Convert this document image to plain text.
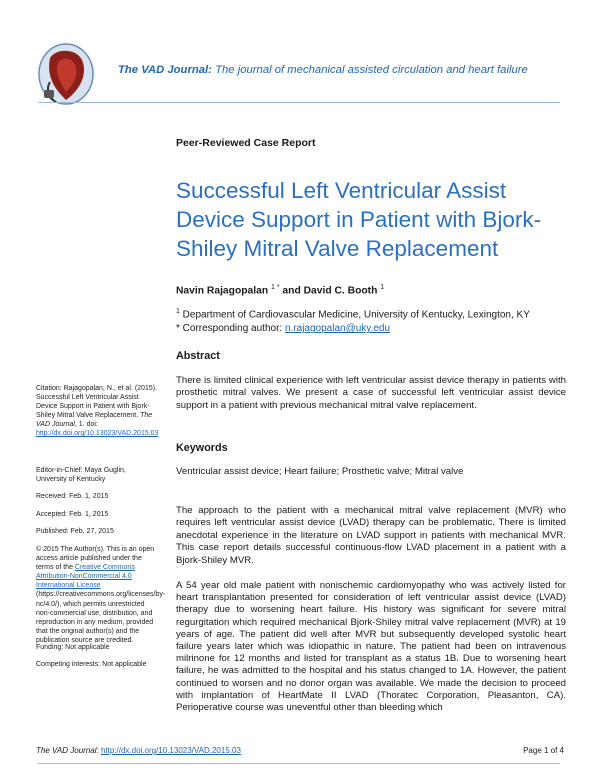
The VAD Journal: The journal of mechanical assisted circulation and heart failure
Peer-Reviewed Case Report
Successful Left Ventricular Assist Device Support in Patient with Bjork-Shiley Mitral Valve Replacement
Navin Rajagopalan $^{1 *}$ and David C. Booth $^1$
$^1$ Department of Cardiovascular Medicine, University of Kentucky, Lexington, KY
* Corresponding author: n.rajagopalan@uky.edu
Abstract
There is limited clinical experience with left ventricular assist device therapy in patients with prosthetic mitral valves. We present a case of successful left ventricular assist device support in a patient with previous mechanical mitral valve replacement.
Keywords
Ventricular assist device; Heart failure; Prosthetic valve; Mitral valve
The approach to the patient with a mechanical mitral valve replacement (MVR) who requires left ventricular assist device (LVAD) therapy can be problematic. There is limited anecdotal experience in the literature on LVAD support in patients with mechanical MVR. This case report details successful continuous-flow LVAD placement in a patient with a Bjork-Shiley MVR.
A 54 year old male patient with nonischemic cardiomyopathy who was actively listed for heart transplantation presented for consideration of left ventricular assist device (LVAD) therapy due to worsening heart failure. His history was significant for severe mitral regurgitation which required mechanical Bjork-Shiley mitral valve replacement (MVR) at 19 years of age. The patient did well after MVR but subsequently developed systolic heart failure years later which was idiopathic in nature. The patient had been on intravenous milrinone for 12 months and listed for transplant as a status 1B. Due to worsening heart failure, he was admitted to the hospital and his status changed to 1A. However, the patient continued to worsen and no donor organ was available. We made the decision to proceed with implantation of HeartMate II LVAD (Thoratec Corporation, Pleasanton, CA). Perioperative course was uneventful other than bleeding which
Citation: Rajagopalan, N., et al. (2015). Successful Left Ventricular Assist Device Support in Patient with Bjork-Shiley Mitral Valve Replacement. The VAD Journal, 1. doi: http://dx.doi.org/10.13023/VAD.2015.03
Editor-in-Chief: Maya Guglin, University of Kentucky
Received: Feb. 1, 2015
Accepted: Feb. 1, 2015
Published: Feb. 27, 2015
© 2015 The Author(s). This is an open access article published under the terms of the Creative Commons Attribution-NonCommercial 4.0 International License (https://creativecommons.org/licenses/by-nc/4.0/), which permits unrestricted non-commercial use, distribution, and reproduction in any medium, provided that the original author(s) and the publication source are credited.
Funding: Not applicable
Competing interests: Not applicable
The VAD Journal: http://dx.doi.org/10.13023/VAD.2015.03	Page 1 of 4
